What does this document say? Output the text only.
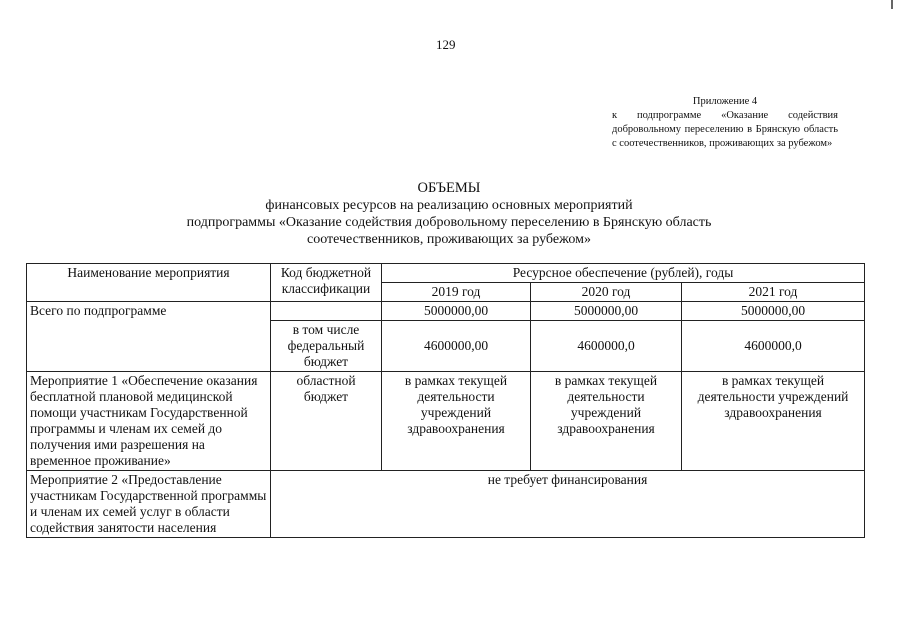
129
Приложение 4
к подпрограмме «Оказание содействия добровольному переселению в Брянскую область с соотечественников, проживающих за рубежом»
ОБЪЕМЫ
финансовых ресурсов на реализацию основных мероприятий
подпрограммы «Оказание содействия добровольному переселению в Брянскую область
соотечественников, проживающих за рубежом»
Наименование мероприятия	Код бюджетной классификации	Ресурсное обеспечение (рублей), годы		
		2019 год	2020 год	2021 год
Всего по подпрограмме		5000000,00	5000000,00	5000000,00
	в том числе федеральный бюджет	4600000,00	4600000,0	4600000,0
Мероприятие 1 «Обеспечение оказания бесплатной плановой медицинской помощи участникам Государственной программы и членам их семей до получения ими разрешения на временное проживание»	областной бюджет	в рамках текущей деятельности учреждений здравоохранения	в рамках текущей деятельности учреждений здравоохранения	в рамках текущей деятельности учреждений здравоохранения
Мероприятие 2 «Предоставление участникам Государственной программы и членам их семей услуг в области содействия занятости населения	не требует финансирования			
